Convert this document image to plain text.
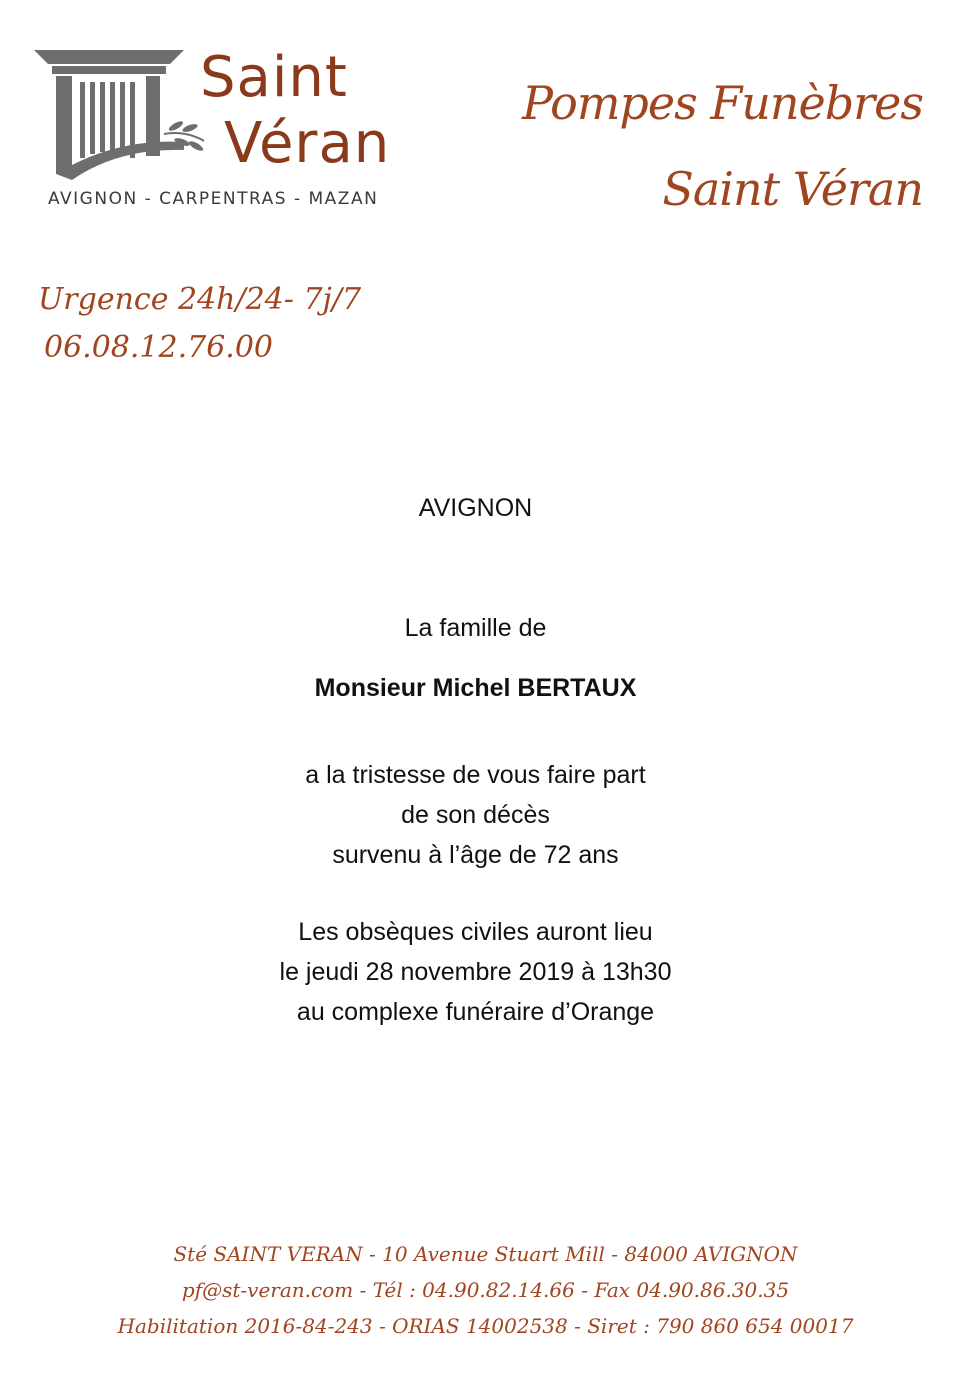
Saint
Véran
AVIGNON - CARPENTRAS - MAZAN
Pompes Funèbres
Saint Véran
Urgence 24h/24- 7j/7
06.08.12.76.00
AVIGNON
La famille de
Monsieur Michel BERTAUX
a la tristesse de vous faire part
de son décès
survenu à l’âge de 72 ans
Les obsèques civiles auront lieu
le jeudi 28 novembre 2019 à 13h30
au complexe funéraire d’Orange
Sté SAINT VERAN - 10 Avenue Stuart Mill - 84000 AVIGNON
pf@st-veran.com - Tél : 04.90.82.14.66 - Fax 04.90.86.30.35
Habilitation 2016-84-243 - ORIAS 14002538 - Siret : 790 860 654 00017
